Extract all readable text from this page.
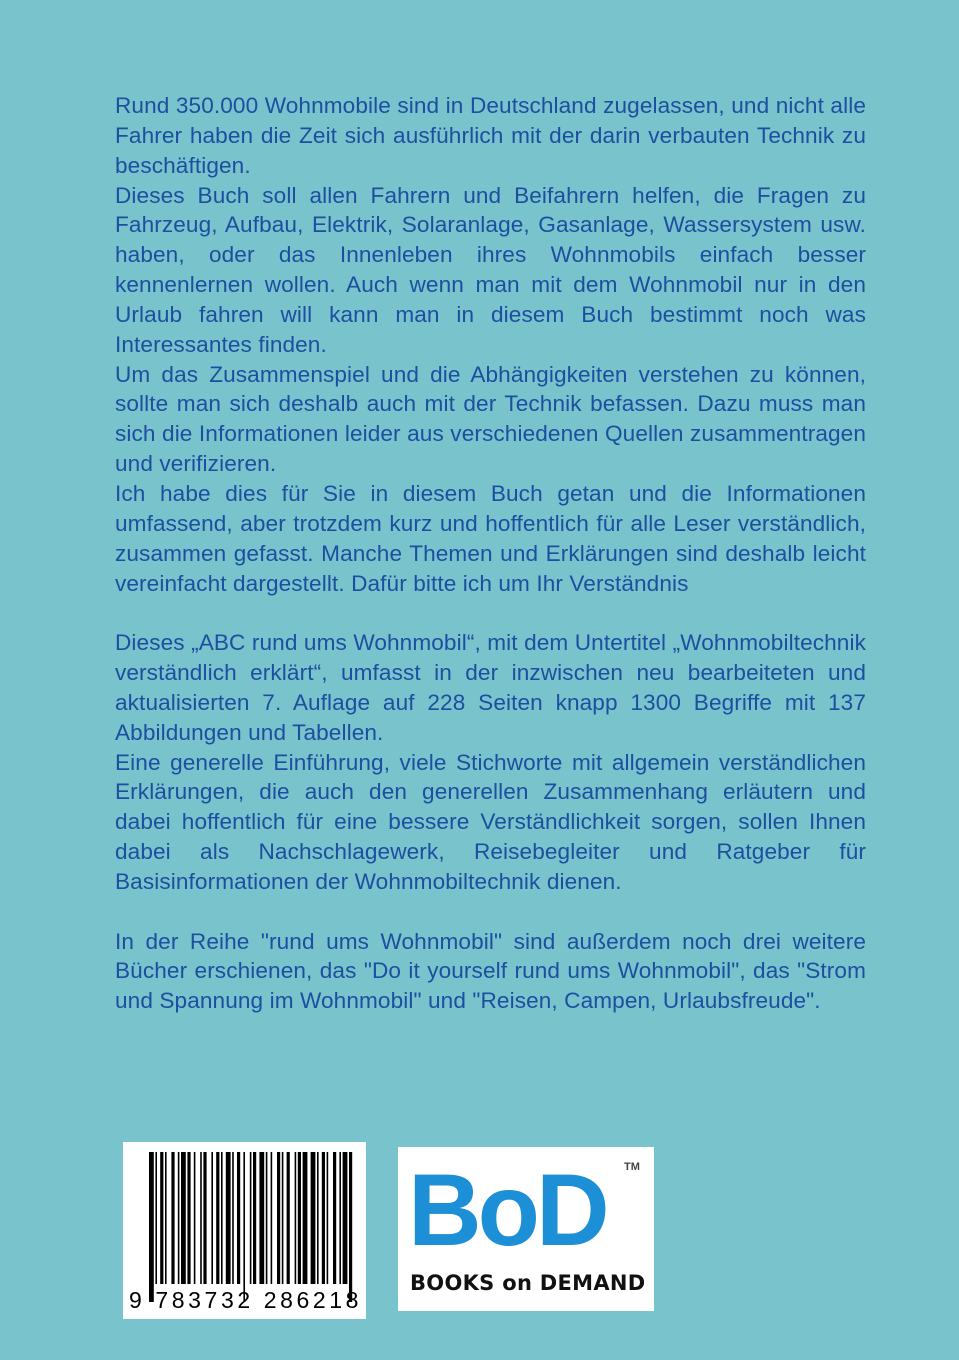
Rund 350.000 Wohnmobile sind in Deutschland zugelassen, und nicht alle Fahrer haben die Zeit sich ausführlich mit der darin verbauten Technik zu beschäftigen.

Dieses Buch soll allen Fahrern und Beifahrern helfen, die Fragen zu Fahrzeug, Aufbau, Elektrik, Solaranlage, Gasanlage, Wassersystem usw. haben, oder das Innenleben ihres Wohnmobils einfach besser kennenlernen wollen. Auch wenn man mit dem Wohnmobil nur in den Urlaub fahren will kann man in diesem Buch bestimmt noch was Interessantes finden.

Um das Zusammenspiel und die Abhängigkeiten verstehen zu können, sollte man sich deshalb auch mit der Technik befassen. Dazu muss man sich die Informationen leider aus verschiedenen Quellen zusammentragen und verifizieren.

Ich habe dies für Sie in diesem Buch getan und die Informationen umfassend, aber trotzdem kurz und hoffentlich für alle Leser verständlich, zusammen gefasst. Manche Themen und Erklärungen sind deshalb leicht vereinfacht dargestellt. Dafür bitte ich um Ihr Verständnis

Dieses „ABC rund ums Wohnmobil“, mit dem Untertitel „Wohnmobiltechnik verständlich erklärt“, umfasst in der inzwischen neu bearbeiteten und aktualisierten 7. Auflage auf 228 Seiten knapp 1300 Begriffe mit 137 Abbildungen und Tabellen.

Eine generelle Einführung, viele Stichworte mit allgemein verständlichen Erklärungen, die auch den generellen Zusammenhang erläutern und dabei hoffentlich für eine bessere Verständlichkeit sorgen, sollen Ihnen dabei als Nachschlagewerk, Reisebegleiter und Ratgeber für Basisinformationen der Wohnmobiltechnik dienen.

In der Reihe "rund ums Wohnmobil" sind außerdem noch drei weitere Bücher erschienen, das "Do it yourself rund ums Wohnmobil", das "Strom und Spannung im Wohnmobil" und "Reisen, Campen, Urlaubsfreude".

9 783732 286218
BoD TM
BOOKS on DEMAND
